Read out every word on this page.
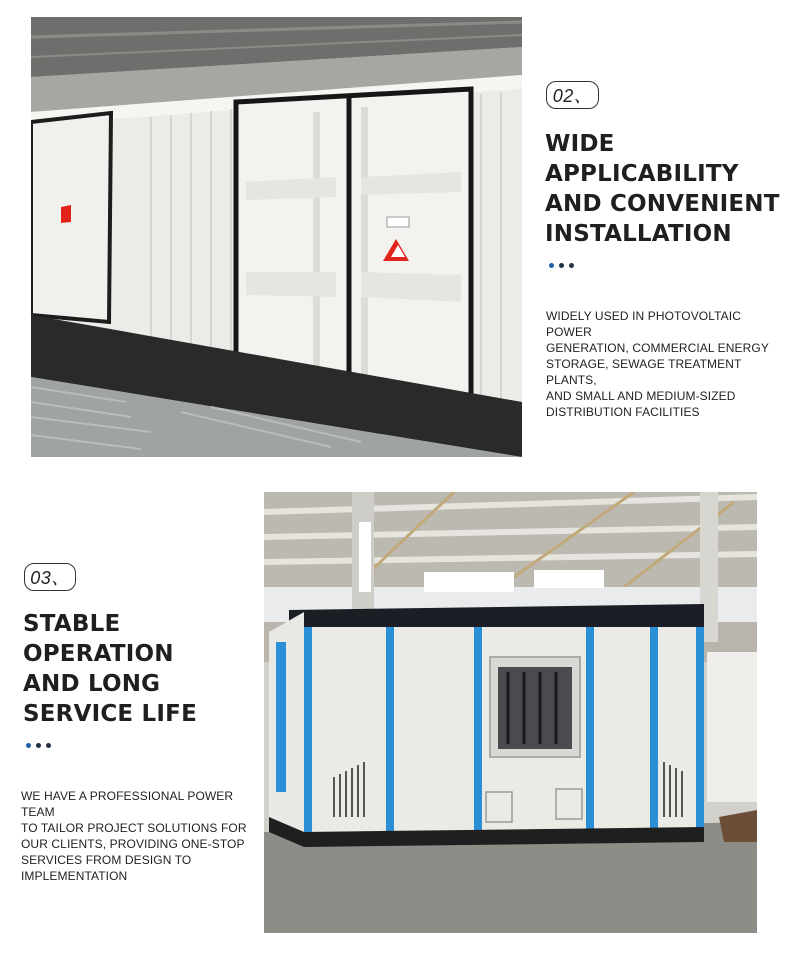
02、
WIDE APPLICABILITY
AND CONVENIENT
INSTALLATION

WIDELY USED IN PHOTOVOLTAIC POWER
GENERATION, COMMERCIAL ENERGY
STORAGE, SEWAGE TREATMENT PLANTS,
AND SMALL AND MEDIUM-SIZED
DISTRIBUTION FACILITIES

03、
STABLE OPERATION
AND LONG
SERVICE LIFE

WE HAVE A PROFESSIONAL POWER TEAM
TO TAILOR PROJECT SOLUTIONS FOR
OUR CLIENTS, PROVIDING ONE-STOP
SERVICES FROM DESIGN TO
IMPLEMENTATION
